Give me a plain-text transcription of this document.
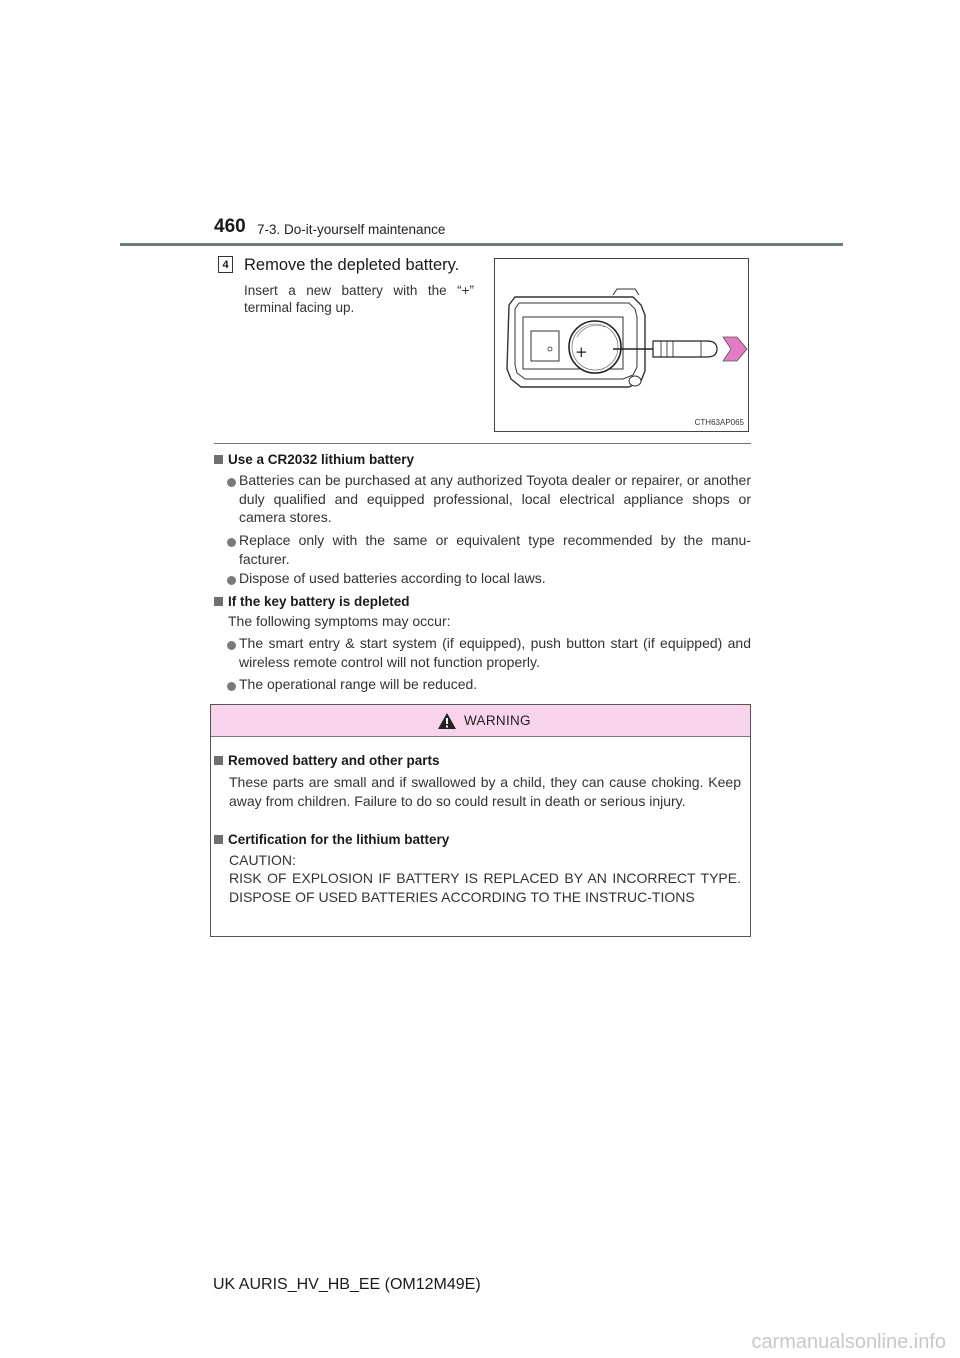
460 7-3. Do-it-yourself maintenance
4 Remove the depleted battery.
Insert a new battery with the “+” terminal facing up.
+
CTH63AP065
Use a CR2032 lithium battery
Batteries can be purchased at any authorized Toyota dealer or repairer, or another duly qualified and equipped professional, local electrical appliance shops or camera stores.
Replace only with the same or equivalent type recommended by the manu-facturer.
Dispose of used batteries according to local laws.
If the key battery is depleted
The following symptoms may occur:
The smart entry & start system (if equipped), push button start (if equipped) and wireless remote control will not function properly.
The operational range will be reduced.
WARNING
Removed battery and other parts
These parts are small and if swallowed by a child, they can cause choking. Keep away from children. Failure to do so could result in death or serious injury.
Certification for the lithium battery
CAUTION:
RISK OF EXPLOSION IF BATTERY IS REPLACED BY AN INCORRECT TYPE. DISPOSE OF USED BATTERIES ACCORDING TO THE INSTRUC-TIONS
UK AURIS_HV_HB_EE (OM12M49E)
carmanualsonline.info
